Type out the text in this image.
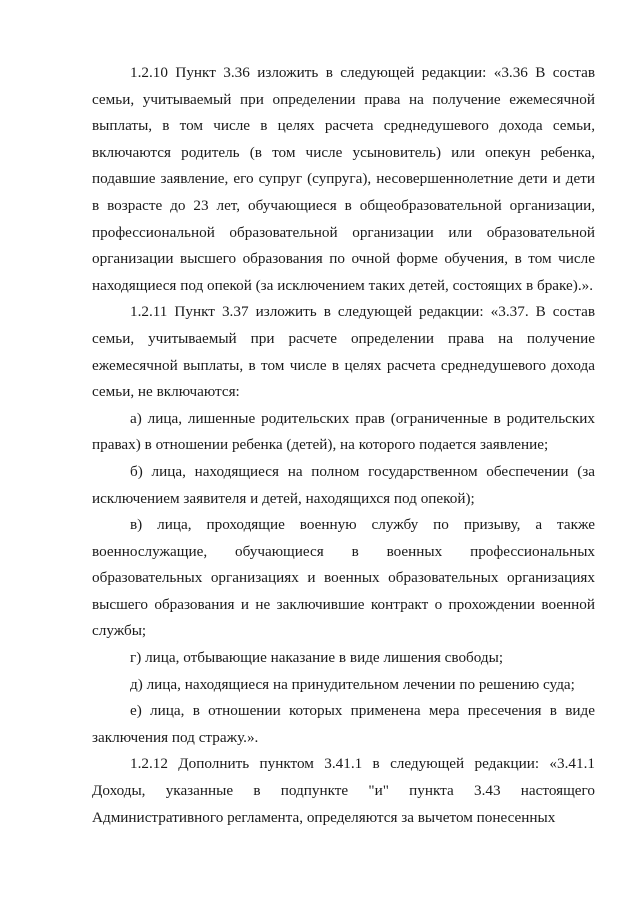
1.2.10 Пункт 3.36 изложить в следующей редакции: «3.36 В состав семьи, учитываемый при определении права на получение ежемесячной выплаты, в том числе в целях расчета среднедушевого дохода семьи, включаются родитель (в том числе усыновитель) или опекун ребенка, подавшие заявление, его супруг (супруга), несовершеннолетние дети и дети в возрасте до 23 лет, обучающиеся в общеобразовательной организации, профессиональной образовательной организации или образовательной организации высшего образования по очной форме обучения, в том числе находящиеся под опекой (за исключением таких детей, состоящих в браке).».

1.2.11 Пункт 3.37 изложить в следующей редакции: «3.37. В состав семьи, учитываемый при расчете определении права на получение ежемесячной выплаты, в том числе в целях расчета среднедушевого дохода семьи, не включаются:

а) лица, лишенные родительских прав (ограниченные в родительских правах) в отношении ребенка (детей), на которого подается заявление;

б) лица, находящиеся на полном государственном обеспечении (за исключением заявителя и детей, находящихся под опекой);

в) лица, проходящие военную службу по призыву, а также военнослужащие, обучающиеся в военных профессиональных образовательных организациях и военных образовательных организациях высшего образования и не заключившие контракт о прохождении военной службы;

г) лица, отбывающие наказание в виде лишения свободы;

д) лица, находящиеся на принудительном лечении по решению суда;

е) лица, в отношении которых применена мера пресечения в виде заключения под стражу.».

1.2.12 Дополнить пунктом 3.41.1 в следующей редакции: «3.41.1 Доходы, указанные в подпункте "и" пункта 3.43 настоящего Административного регламента, определяются за вычетом понесенных
